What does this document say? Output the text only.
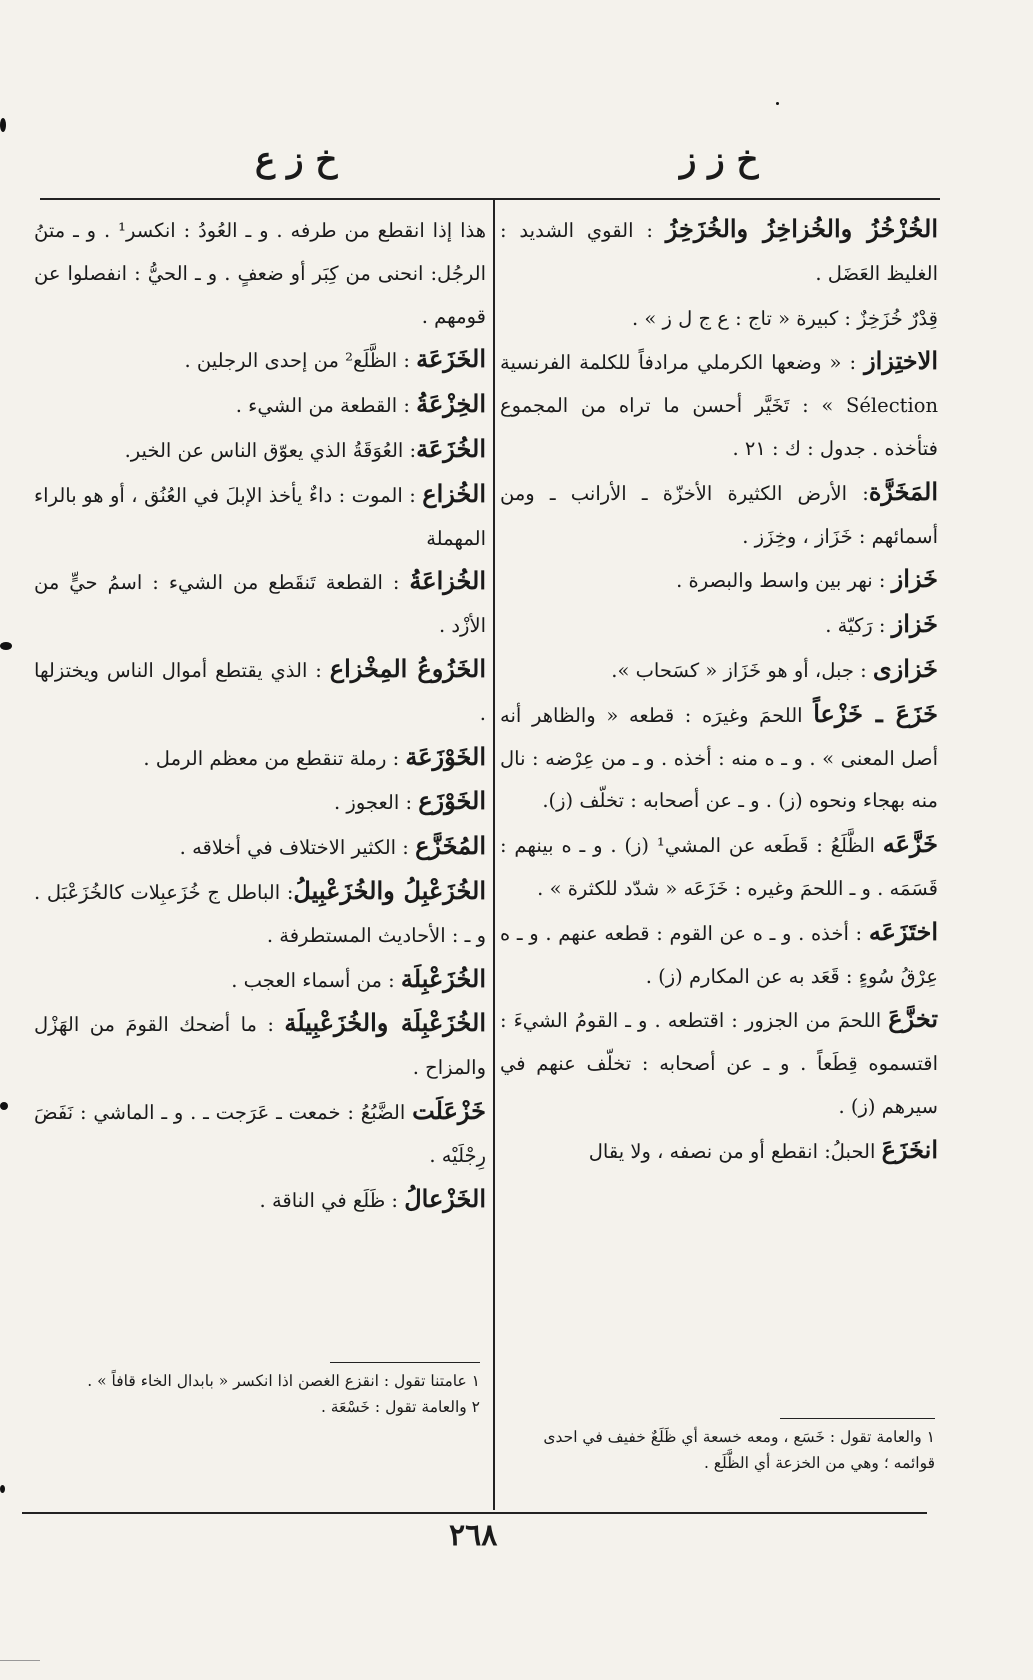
خ ز ز
خ ز ع
الخُزْخُزُ والخُزاخِزُ والخُزَخِزُ : القوي الشديد : الغليظ العَضَل .
قِدْرٌ خُزَخِزٌ : كبيرة « تاج : ع ج ل ز » .
الاختِزاز : « وضعها الكرملي مرادفاً للكلمة الفرنسية Sélection » : تَخَيَّر أحسن ما تراه من المجموع فتأخذه . جدول : ك : ٢١ .
المَخَزَّة: الأرض الكثيرة الأخزّة ـ الأرانب ـ ومن أسمائهم : خَزَاز ، وخِزَز .
خَزاز : نهر بين واسط والبصرة .
خَزاز : رَكيّة .
خَزازى : جبل، أو هو خَزَاز « كسَحاب ».
خَزَعَ ـ خَزْعاً اللحمَ وغيرَه : قطعه « والظاهر أنه أصل المعنى » . و ـ ه منه : أخذه . و ـ من عِرْضه : نال منه بهجاء ونحوه (ز) . و ـ عن أصحابه : تخلّف (ز).
خَزَّعَه الظَّلَعُ : قَطَعه عن المشي¹ (ز) . و ـ ه بينهم : قَسَمَه . و ـ اللحمَ وغيره : خَزَعَه « شدّد للكثرة » .
اختَزَعَه : أخذه . و ـ ه عن القوم : قطعه عنهم . و ـ ه عِرْقُ سُوءٍ : قَعَد به عن المكارم (ز) .
تخزَّعَ اللحمَ من الجزور : اقتطعه . و ـ القومُ الشيءَ : اقتسموه قِطَعاً . و ـ عن أصحابه : تخلّف عنهم في سيرهم (ز) .
انخَزَعَ الحبلُ: انقطع أو من نصفه ، ولا يقال
هذا إذا انقطع من طرفه . و ـ العُودُ : انكسر¹ . و ـ متنُ الرجُل: انحنى من كِبَر أو ضعفٍ . و ـ الحيُّ : انفصلوا عن قومهم .
الخَزَعَة : الظَّلَع² من إحدى الرجلين .
الخِزْعَةُ : القطعة من الشيء .
الخُزَعَة: العُوَقَةُ الذي يعوّق الناس عن الخير.
الخُزاع : الموت : داءٌ يأخذ الإبلَ في العُنُق ، أو هو بالراء المهملة
الخُزاعَةُ : القطعة تَنقَطع من الشيء : اسمُ حيٍّ من الأزْد .
الخَزُوعُ المِخْزاع : الذي يقتطع أموال الناس ويختزلها .
الخَوْزَعَة : رملة تنقطع من معظم الرمل .
الخَوْزَع : العجوز .
المُخَزَّع : الكثير الاختلاف في أخلاقه .
الخُزَعْبِلُ والخُزَعْبِيلُ: الباطل ج خُزَعبِلات كالخُزَعْبَل . و ـ : الأحاديث المستطرفة .
الخُزَعْبِلَة : من أسماء العجب .
الخُزَعْبِلَة والخُزَعْبِيلَة : ما أضحك القومَ من الهَزْل والمزاح .
خَزْعَلَت الضَّبُعُ : خمعت ـ عَرَجت ـ . و ـ الماشي : نَفَضَ رِجْلَيْه .
الخَزْعالُ : ظَلَع في الناقة .
١ والعامة تقول : خَسَع ، ومعه خسعة أي ظَلَعٌ خفيف في احدى قوائمه ؛ وهي من الخزعة أي الظَّلَع .
١ عامتنا تقول : انقزع الغصن اذا انكسر « بابدال الخاء قافاً » .
٢ والعامة تقول : خَسْعَة .
٢٦٨
